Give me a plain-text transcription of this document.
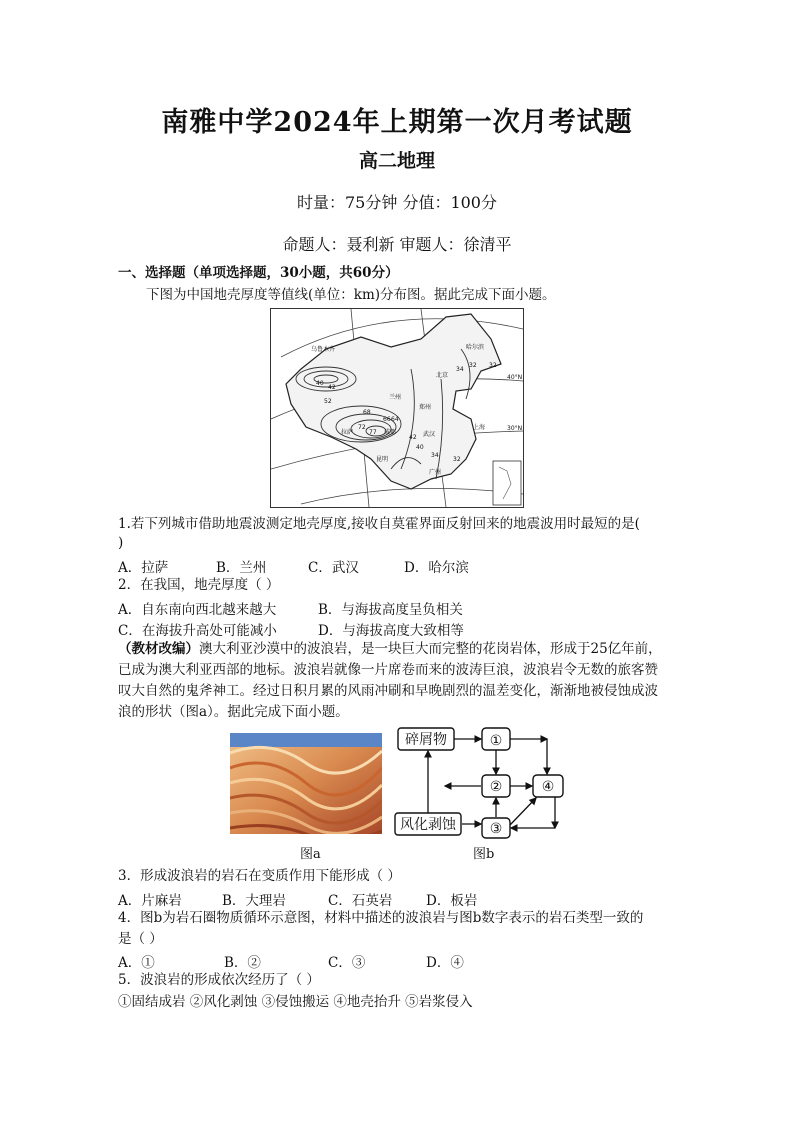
南雅中学2024年上期第一次月考试题
高二地理
时量：75分钟 分值：100分
命题人：聂利新 审题人：徐清平
一、选择题（单项选择题，30小题，共60分）
下图为中国地壳厚度等值线(单位：km)分布图。据此完成下面小题。
乌鲁木齐	哈尔滨
北京
兰州
郑州
成都
拉萨	武汉
上海
昆明
广州
40
42
52
68
72
77
66 64
42
40
34
32
34
32
32
40°N
30°N
1.若下列城市借助地震波测定地壳厚度,接收自莫霍界面反射回来的地震波用时最短的是(
)
A．拉萨	B．兰州	C．武汉	D．哈尔滨
2．在我国，地壳厚度（ ）
A．自东南向西北越来越大	B．与海拔高度呈负相关
C．在海拔升高处可能减小	D．与海拔高度大致相等
（教材改编）澳大利亚沙漠中的波浪岩，是一块巨大而完整的花岗岩体，形成于25亿年前，
已成为澳大利亚西部的地标。波浪岩就像一片席卷而来的波涛巨浪，波浪岩令无数的旅客赞
叹大自然的鬼斧神工。经过日积月累的风雨冲刷和早晚剧烈的温差变化，渐渐地被侵蚀成波
浪的形状（图a）。据此完成下面小题。
碎屑物
风化剥蚀
①
②
③
④
图a	图b
3．形成波浪岩的岩石在变质作用下能形成（ ）
A．片麻岩	B．大理岩	C．石英岩	D．板岩
4．图b为岩石圈物质循环示意图，材料中描述的波浪岩与图b数字表示的岩石类型一致的
是（ ）
A．①	B．②	C．③	D．④
5．波浪岩的形成依次经历了（ ）
①固结成岩 ②风化剥蚀 ③侵蚀搬运 ④地壳抬升 ⑤岩浆侵入
